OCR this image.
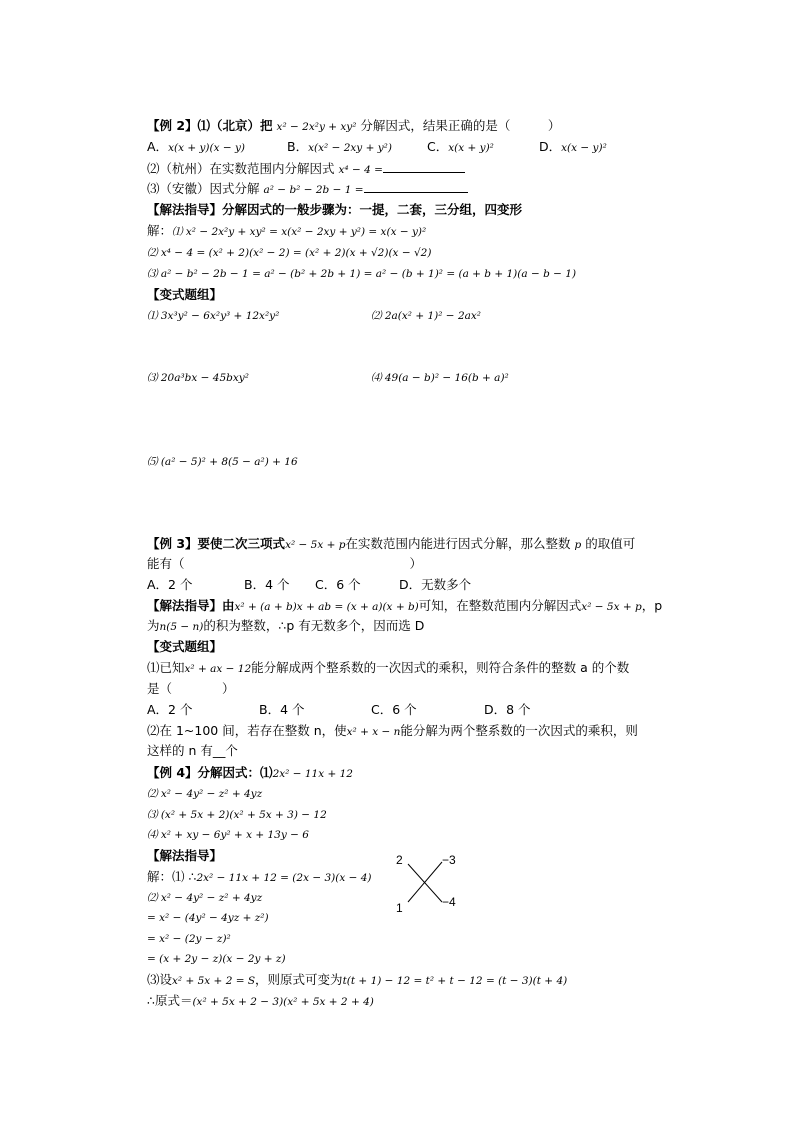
【例 2】⑴（北京）把 x² − 2x²y + xy² 分解因式，结果正确的是（　　　）
A．x(x + y)(x − y)	B．x(x² − 2xy + y²)	C．x(x + y)²	D．x(x − y)²
⑵（杭州）在实数范围内分解因式 x⁴ − 4 =
⑶（安徽）因式分解 a² − b² − 2b − 1 =
【解法指导】分解因式的一般步骤为：一提，二套，三分组，四变形
解：⑴ x² − 2x²y + xy² = x(x² − 2xy + y²) = x(x − y)²
⑵ x⁴ − 4 = (x² + 2)(x² − 2) = (x² + 2)(x + √2)(x − √2)
⑶ a² − b² − 2b − 1 = a² − (b² + 2b + 1) = a² − (b + 1)² = (a + b + 1)(a − b − 1)
【变式题组】
⑴ 3x³y² − 6x²y³ + 12x²y²	⑵ 2a(x² + 1)² − 2ax²
⑶ 20a³bx − 45bxy²	⑷ 49(a − b)² − 16(b + a)²
⑸ (a² − 5)² + 8(5 − a²) + 16
【例 3】要使二次三项式x² − 5x + p在实数范围内能进行因式分解，那么整数 p 的取值可
能有（　　　　　　　　　　　　　　　　　　）
A．2 个	B．4 个 C．6 个	D．无数多个
【解法指导】由x² + (a + b)x + ab = (x + a)(x + b)可知，在整数范围内分解因式x² − 5x + p，p
为n(5 − n)的积为整数，∴p 有无数多个，因而选 D
【变式题组】
⑴已知x² + ax − 12能分解成两个整系数的一次因式的乘积，则符合条件的整数 a 的个数
是（　　　　）
A．2 个	B．4 个	C．6 个	D．8 个
⑵在 1~100 间，若存在整数 n，使x² + x − n能分解为两个整系数的一次因式的乘积，则
这样的 n 有__个
【例 4】分解因式：⑴2x² − 11x + 12
⑵ x² − 4y² − z² + 4yz
⑶ (x² + 5x + 2)(x² + 5x + 3) − 12
⑷ x² + xy − 6y² + x + 13y − 6
【解法指导】
解：⑴ ∴2x² − 11x + 12 = (2x − 3)(x − 4)
⑵ x² − 4y² − z² + 4yz
= x² − (4y² − 4yz + z²)
= x² − (2y − z)²
= (x + 2y − z)(x − 2y + z)
⑶设x² + 5x + 2 = S，则原式可变为t(t + 1) − 12 = t² + t − 12 = (t − 3)(t + 4)
∴原式＝(x² + 5x + 2 − 3)(x² + 5x + 2 + 4)
2	−3
1	−4
